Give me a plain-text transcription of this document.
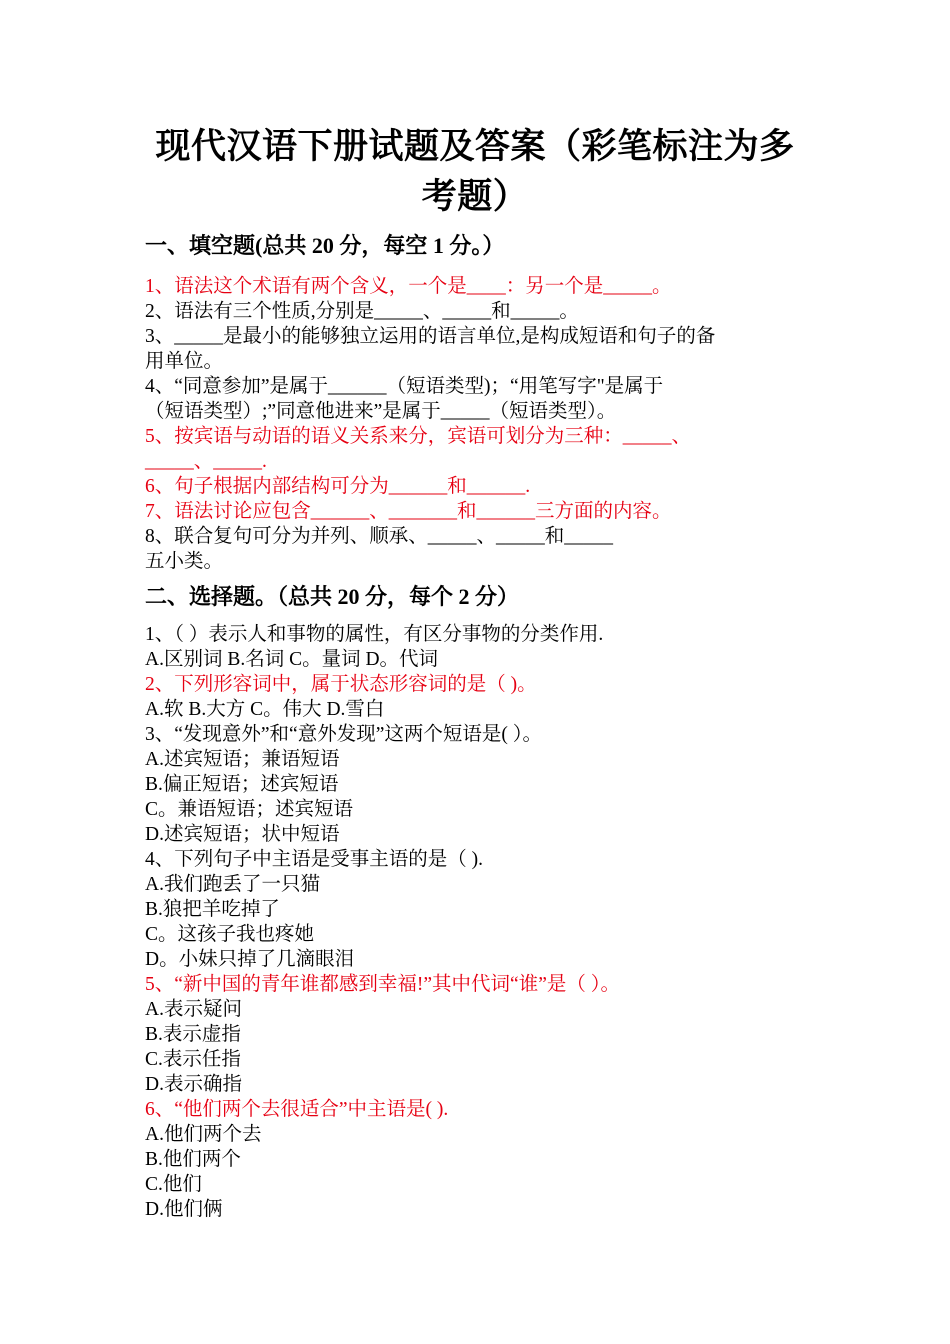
现代汉语下册试题及答案（彩笔标注为多
考题）
一、填空题(总共 20 分，每空 1 分。）
1、语法这个术语有两个含义，一个是____：另一个是_____。
2、语法有三个性质,分别是_____、_____和_____。
3、_____是最小的能够独立运用的语言单位,是构成短语和句子的备
用单位。
4、“同意参加”是属于______（短语类型)；“用笔写字"是属于
（短语类型）;”同意他进来”是属于_____（短语类型）。
5、按宾语与动语的语义关系来分，宾语可划分为三种：_____、
_____、_____.
6、句子根据内部结构可分为______和______.
7、语法讨论应包含______、_______和______三方面的内容。
8、联合复句可分为并列、顺承、_____、_____和_____
五小类。
二、选择题。（总共 20 分，每个 2 分）
1、（ ）表示人和事物的属性，有区分事物的分类作用.
A.区别词 B.名词 C。量词 D。代词
2、下列形容词中，属于状态形容词的是（ )。
A.软 B.大方 C。伟大 D.雪白
3、“发现意外”和“意外发现”这两个短语是( ）。
A.述宾短语；兼语短语
B.偏正短语；述宾短语
C。兼语短语；述宾短语
D.述宾短语；状中短语
4、下列句子中主语是受事主语的是（ ).
A.我们跑丢了一只猫
B.狼把羊吃掉了
C。这孩子我也疼她
D。小妹只掉了几滴眼泪
5、“新中国的青年谁都感到幸福!”其中代词“谁”是（ ）。
A.表示疑问
B.表示虚指
C.表示任指
D.表示确指
6、“他们两个去很适合”中主语是( ).
A.他们两个去
B.他们两个
C.他们
D.他们俩
